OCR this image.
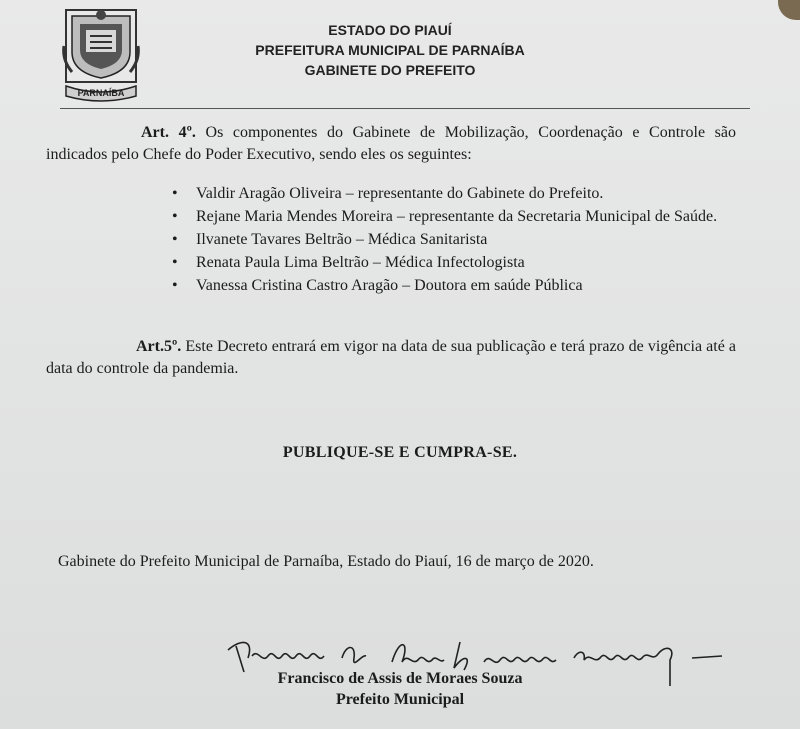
PARNAÍBA
ESTADO DO PIAUÍ
PREFEITURA MUNICIPAL DE PARNAÍBA
GABINETE DO PREFEITO
Art. 4º. Os componentes do Gabinete de Mobilização, Coordenação e Controle são indicados pelo Chefe do Poder Executivo, sendo eles os seguintes:
• Valdir Aragão Oliveira – representante do Gabinete do Prefeito.
• Rejane Maria Mendes Moreira – representante da Secretaria Municipal de Saúde.
• Ilvanete Tavares Beltrão – Médica Sanitarista
• Renata Paula Lima Beltrão – Médica Infectologista
• Vanessa Cristina Castro Aragão – Doutora em saúde Pública
Art.5º. Este Decreto entrará em vigor na data de sua publicação e terá prazo de vigência até a data do controle da pandemia.
PUBLIQUE-SE E CUMPRA-SE.
Gabinete do Prefeito Municipal de Parnaíba, Estado do Piauí, 16 de março de 2020.
Francisco de Assis de Moraes Souza
Prefeito Municipal
